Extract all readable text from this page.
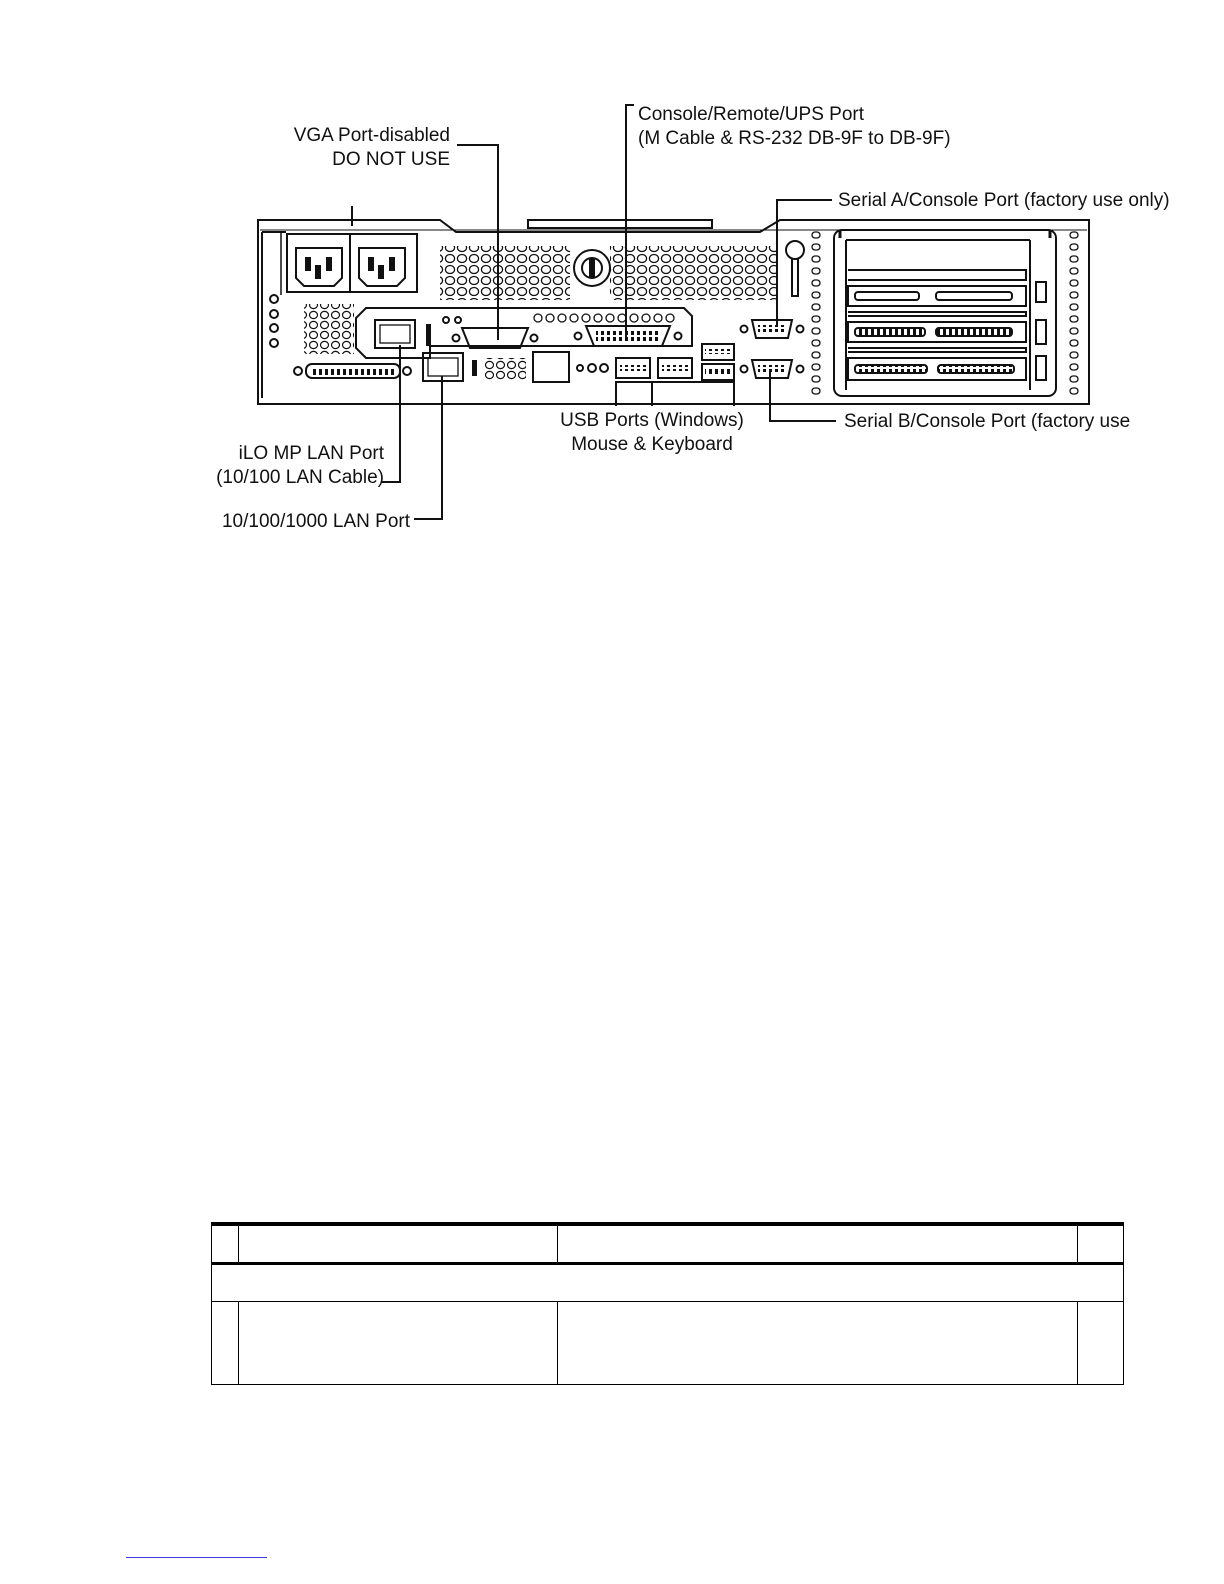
VGA Port-disabled
DO NOT USE
Console/Remote/UPS Port
(M Cable & RS-232 DB-9F to DB-9F)
Serial A/Console Port (factory use only)
Serial B/Console Port (factory use
USB Ports (Windows)
Mouse & Keyboard
iLO MP LAN Port
(10/100 LAN Cable)
10/100/1000 LAN Port
